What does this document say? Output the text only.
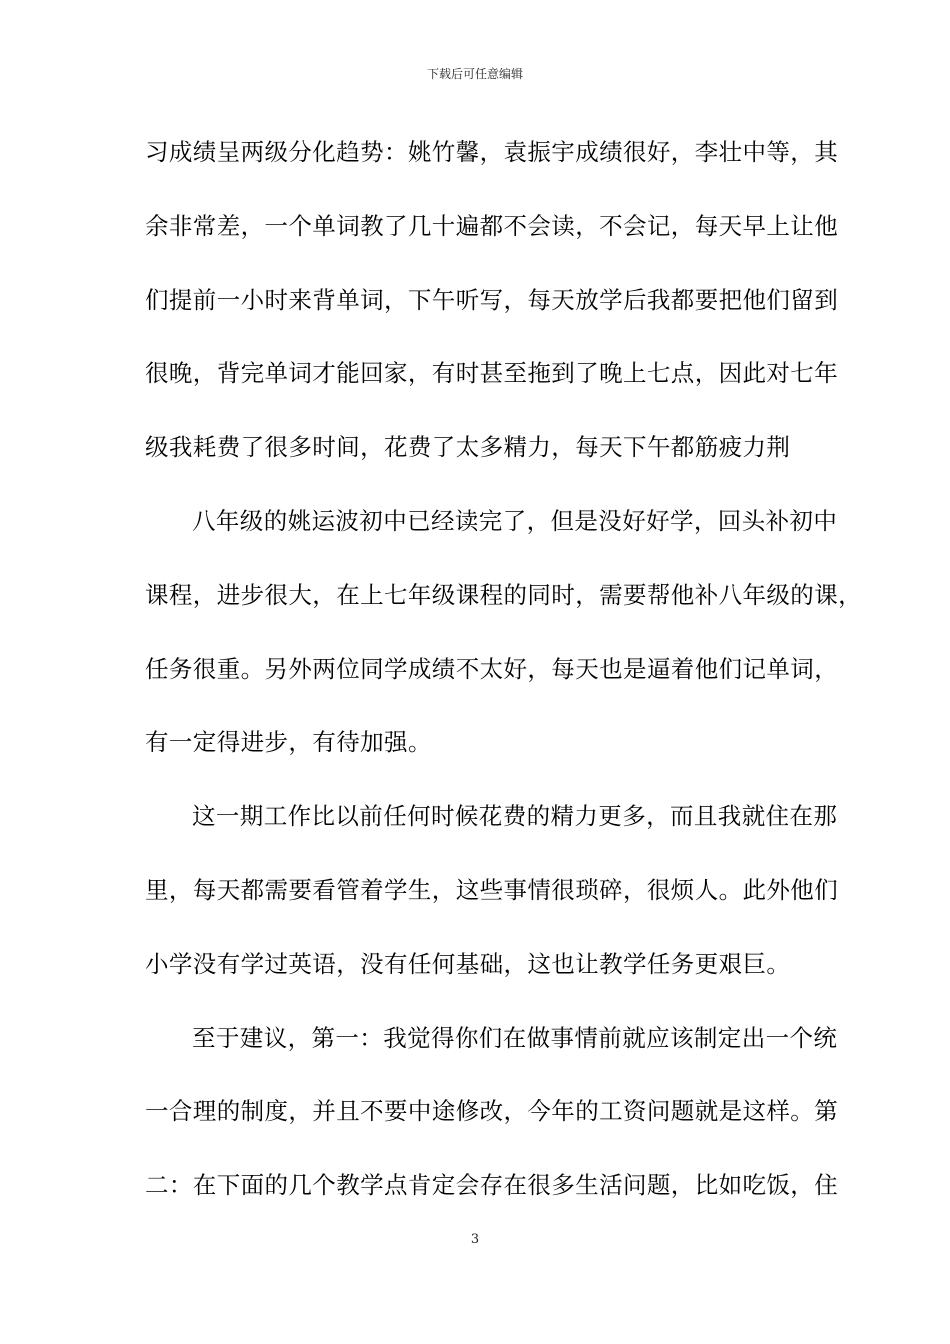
下载后可任意编辑
习成绩呈两级分化趋势：姚竹馨，袁振宇成绩很好，李壮中等，其
余非常差，一个单词教了几十遍都不会读，不会记，每天早上让他
们提前一小时来背单词，下午听写，每天放学后我都要把他们留到
很晚，背完单词才能回家，有时甚至拖到了晚上七点，因此对七年
级我耗费了很多时间，花费了太多精力，每天下午都筋疲力荆
八年级的姚运波初中已经读完了，但是没好好学，回头补初中
课程，进步很大，在上七年级课程的同时，需要帮他补八年级的课，
任务很重。另外两位同学成绩不太好，每天也是逼着他们记单词，
有一定得进步，有待加强。
这一期工作比以前任何时候花费的精力更多，而且我就住在那
里，每天都需要看管着学生，这些事情很琐碎，很烦人。此外他们
小学没有学过英语，没有任何基础，这也让教学任务更艰巨。
至于建议，第一：我觉得你们在做事情前就应该制定出一个统
一合理的制度，并且不要中途修改，今年的工资问题就是这样。第
二：在下面的几个教学点肯定会存在很多生活问题，比如吃饭，住
3
